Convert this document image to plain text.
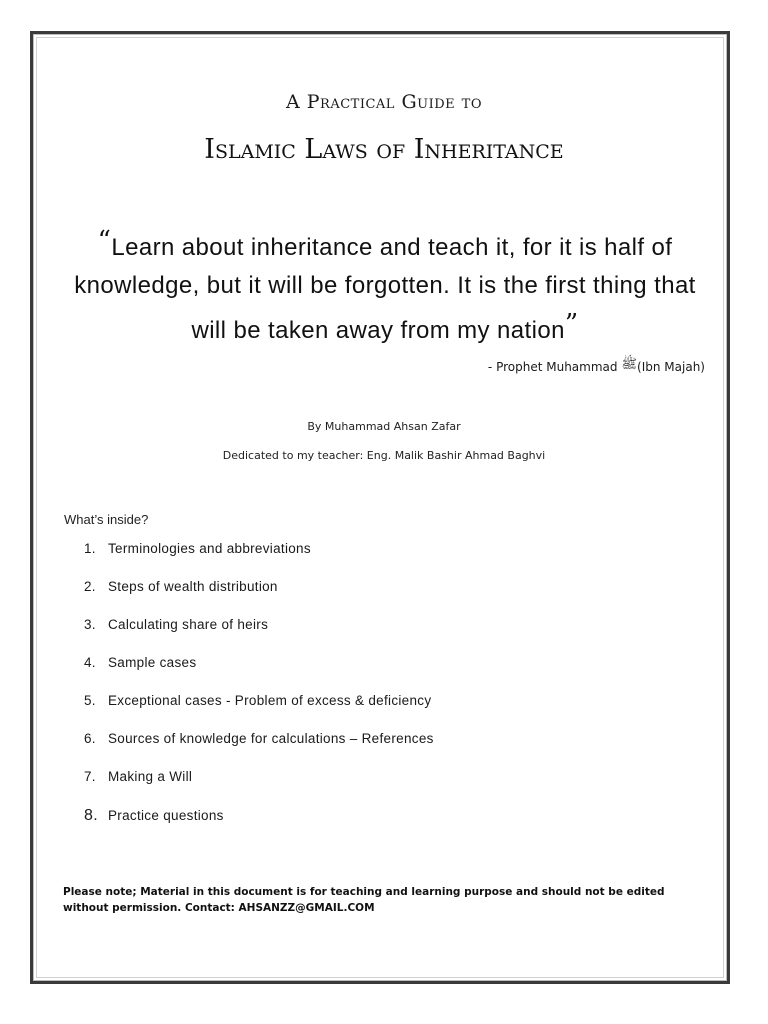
A Practical Guide to
Islamic Laws of Inheritance
“Learn about inheritance and teach it, for it is half of knowledge, but it will be forgotten. It is the first thing that will be taken away from my nation”
- Prophet Muhammad ﷺ(Ibn Majah)
By Muhammad Ahsan Zafar
Dedicated to my teacher: Eng. Malik Bashir Ahmad Baghvi
What’s inside?
1. Terminologies and abbreviations
2. Steps of wealth distribution
3. Calculating share of heirs
4. Sample cases
5. Exceptional cases - Problem of excess & deficiency
6. Sources of knowledge for calculations – References
7. Making a Will
8. Practice questions
Please note; Material in this document is for teaching and learning purpose and should not be edited without permission. Contact: AHSANZZ@GMAIL.COM
